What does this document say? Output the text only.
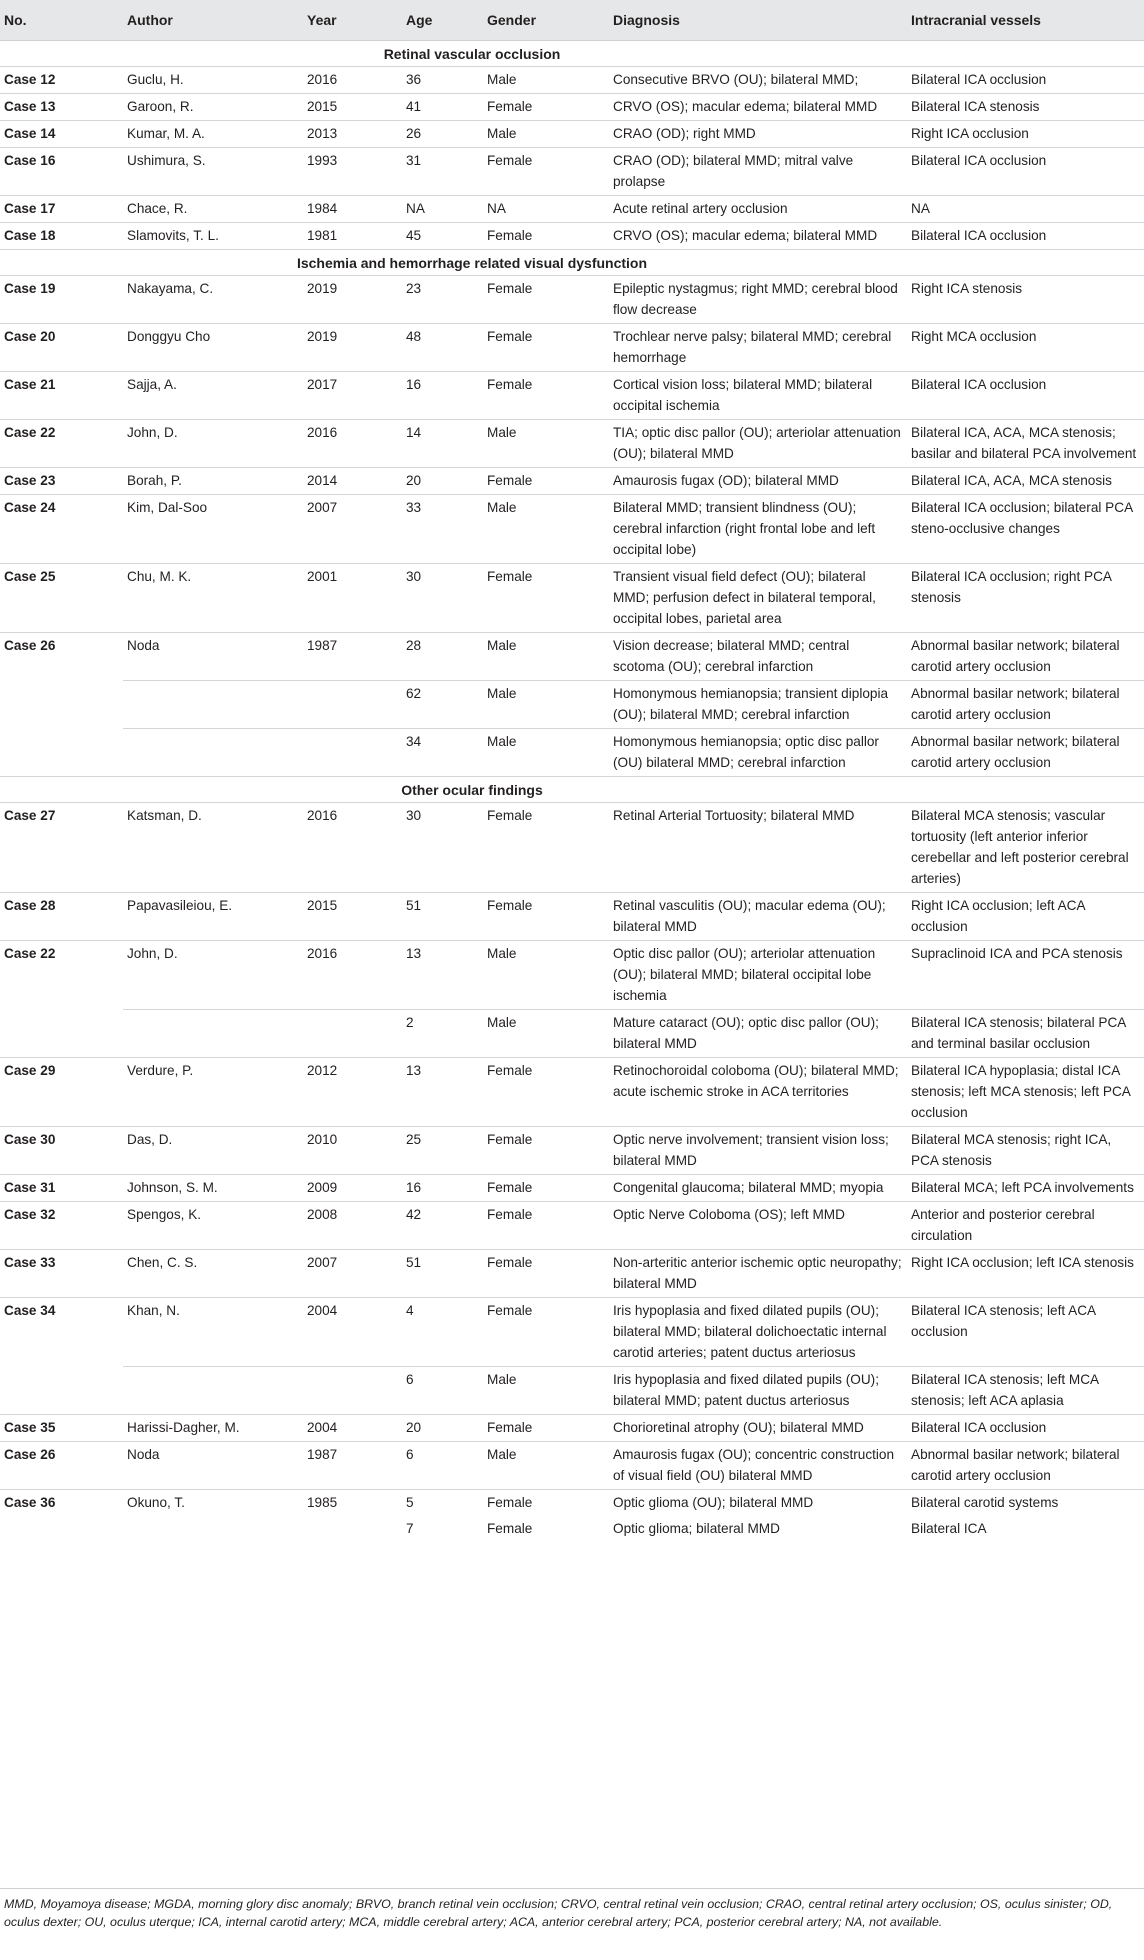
No.	Author	Year	Age	Gender	Diagnosis	Intracranial vessels
Retinal vascular occlusion						
Case 12	Guclu, H.	2016	36	Male	Consecutive BRVO (OU); bilateral MMD;	Bilateral ICA occlusion
Case 13	Garoon, R.	2015	41	Female	CRVO (OS); macular edema; bilateral MMD	Bilateral ICA stenosis
Case 14	Kumar, M. A.	2013	26	Male	CRAO (OD); right MMD	Right ICA occlusion
Case 16	Ushimura, S.	1993	31	Female	CRAO (OD); bilateral MMD; mitral valve prolapse	Bilateral ICA occlusion
Case 17	Chace, R.	1984	NA	NA	Acute retinal artery occlusion	NA
Case 18	Slamovits, T. L.	1981	45	Female	CRVO (OS); macular edema; bilateral MMD	Bilateral ICA occlusion
Ischemia and hemorrhage related visual dysfunction						
Case 19	Nakayama, C.	2019	23	Female	Epileptic nystagmus; right MMD; cerebral blood flow decrease	Right ICA stenosis
Case 20	Donggyu Cho	2019	48	Female	Trochlear nerve palsy; bilateral MMD; cerebral hemorrhage	Right MCA occlusion
Case 21	Sajja, A.	2017	16	Female	Cortical vision loss; bilateral MMD; bilateral occipital ischemia	Bilateral ICA occlusion
Case 22	John, D.	2016	14	Male	TIA; optic disc pallor (OU); arteriolar attenuation (OU); bilateral MMD	Bilateral ICA, ACA, MCA stenosis; basilar and bilateral PCA involvement
Case 23	Borah, P.	2014	20	Female	Amaurosis fugax (OD); bilateral MMD	Bilateral ICA, ACA, MCA stenosis
Case 24	Kim, Dal-Soo	2007	33	Male	Bilateral MMD; transient blindness (OU); cerebral infarction (right frontal lobe and left occipital lobe)	Bilateral ICA occlusion; bilateral PCA steno-occlusive changes
Case 25	Chu, M. K.	2001	30	Female	Transient visual field defect (OU); bilateral MMD; perfusion defect in bilateral temporal, occipital lobes, parietal area	Bilateral ICA occlusion; right PCA stenosis
Case 26	Noda	1987	28	Male	Vision decrease; bilateral MMD; central scotoma (OU); cerebral infarction	Abnormal basilar network; bilateral carotid artery occlusion
			62	Male	Homonymous hemianopsia; transient diplopia (OU); bilateral MMD; cerebral infarction	Abnormal basilar network; bilateral carotid artery occlusion
			34	Male	Homonymous hemianopsia; optic disc pallor (OU) bilateral MMD; cerebral infarction	Abnormal basilar network; bilateral carotid artery occlusion
Other ocular findings						
Case 27	Katsman, D.	2016	30	Female	Retinal Arterial Tortuosity; bilateral MMD	Bilateral MCA stenosis; vascular tortuosity (left anterior inferior cerebellar and left posterior cerebral arteries)
Case 28	Papavasileiou, E.	2015	51	Female	Retinal vasculitis (OU); macular edema (OU); bilateral MMD	Right ICA occlusion; left ACA occlusion
Case 22	John, D.	2016	13	Male	Optic disc pallor (OU); arteriolar attenuation (OU); bilateral MMD; bilateral occipital lobe ischemia	Supraclinoid ICA and PCA stenosis
			2	Male	Mature cataract (OU); optic disc pallor (OU); bilateral MMD	Bilateral ICA stenosis; bilateral PCA and terminal basilar occlusion
Case 29	Verdure, P.	2012	13	Female	Retinochoroidal coloboma (OU); bilateral MMD; acute ischemic stroke in ACA territories	Bilateral ICA hypoplasia; distal ICA stenosis; left MCA stenosis; left PCA occlusion
Case 30	Das, D.	2010	25	Female	Optic nerve involvement; transient vision loss; bilateral MMD	Bilateral MCA stenosis; right ICA, PCA stenosis
Case 31	Johnson, S. M.	2009	16	Female	Congenital glaucoma; bilateral MMD; myopia	Bilateral MCA; left PCA involvements
Case 32	Spengos, K.	2008	42	Female	Optic Nerve Coloboma (OS); left MMD	Anterior and posterior cerebral circulation
Case 33	Chen, C. S.	2007	51	Female	Non-arteritic anterior ischemic optic neuropathy; bilateral MMD	Right ICA occlusion; left ICA stenosis
Case 34	Khan, N.	2004	4	Female	Iris hypoplasia and fixed dilated pupils (OU); bilateral MMD; bilateral dolichoectatic internal carotid arteries; patent ductus arteriosus	Bilateral ICA stenosis; left ACA occlusion
			6	Male	Iris hypoplasia and fixed dilated pupils (OU); bilateral MMD; patent ductus arteriosus	Bilateral ICA stenosis; left MCA stenosis; left ACA aplasia
Case 35	Harissi-Dagher, M.	2004	20	Female	Chorioretinal atrophy (OU); bilateral MMD	Bilateral ICA occlusion
Case 26	Noda	1987	6	Male	Amaurosis fugax (OU); concentric construction of visual field (OU) bilateral MMD	Abnormal basilar network; bilateral carotid artery occlusion
Case 36	Okuno, T.	1985	5	Female	Optic glioma (OU); bilateral MMD	Bilateral carotid systems
			7	Female	Optic glioma; bilateral MMD	Bilateral ICA
MMD, Moyamoya disease; MGDA, morning glory disc anomaly; BRVO, branch retinal vein occlusion; CRVO, central retinal vein occlusion; CRAO, central retinal artery occlusion; OS, oculus sinister; OD, oculus dexter; OU, oculus uterque; ICA, internal carotid artery; MCA, middle cerebral artery; ACA, anterior cerebral artery; PCA, posterior cerebral artery; NA, not available.
